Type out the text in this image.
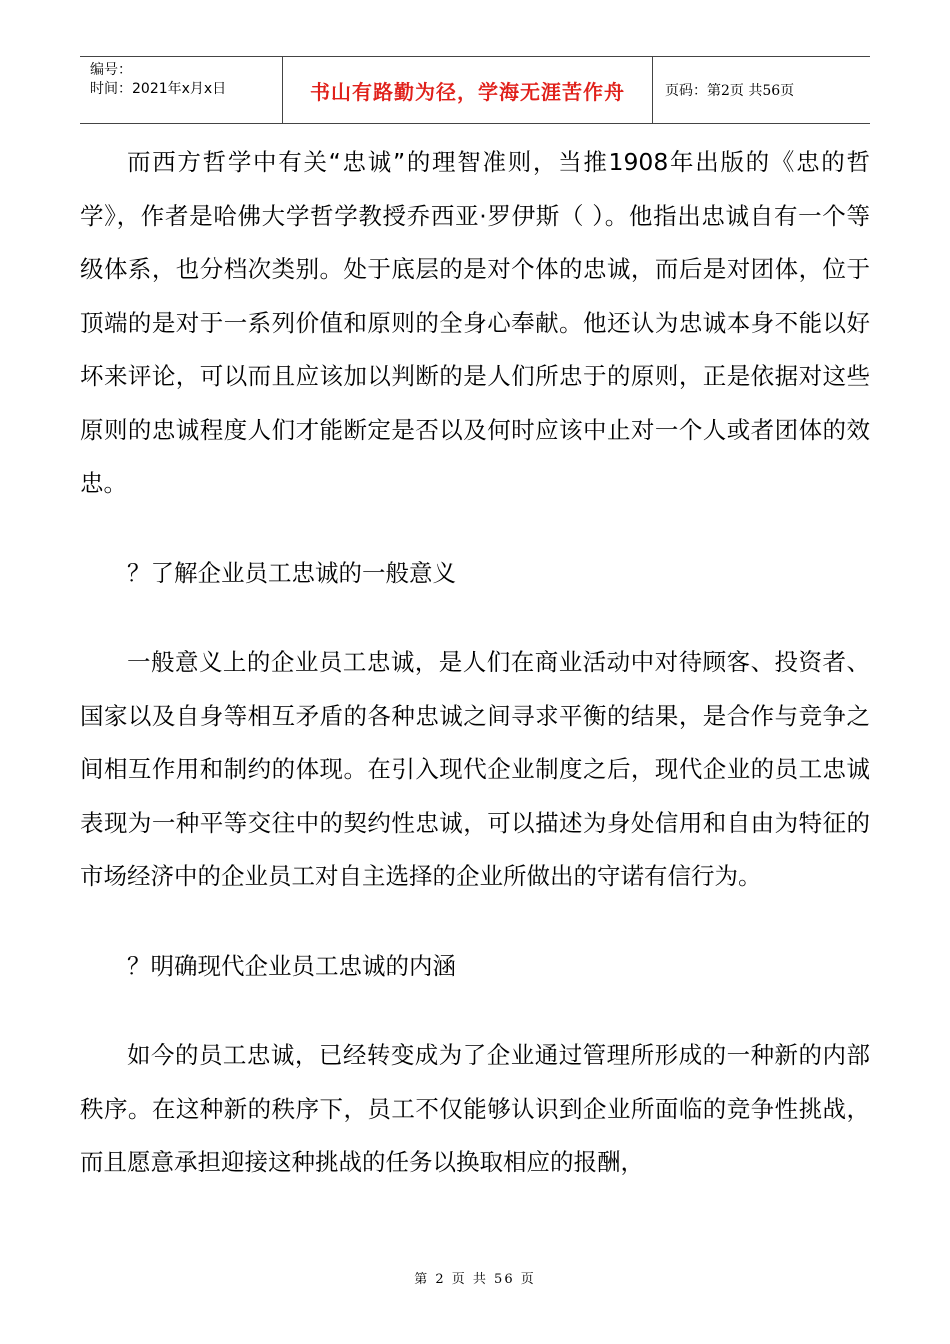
编号：
时间：2021年x月x日	书山有路勤为径，学海无涯苦作舟	页码：第2页 共56页

而西方哲学中有关“忠诚”的理智准则，当推1908年出版的《忠的哲学》，作者是哈佛大学哲学教授乔西亚·罗伊斯（ ）。他指出忠诚自有一个等级体系，也分档次类别。处于底层的是对个体的忠诚，而后是对团体，位于顶端的是对于一系列价值和原则的全身心奉献。他还认为忠诚本身不能以好坏来评论，可以而且应该加以判断的是人们所忠于的原则，正是依据对这些原则的忠诚程度人们才能断定是否以及何时应该中止对一个人或者团体的效忠。

？了解企业员工忠诚的一般意义

一般意义上的企业员工忠诚，是人们在商业活动中对待顾客、投资者、国家以及自身等相互矛盾的各种忠诚之间寻求平衡的结果，是合作与竞争之间相互作用和制约的体现。在引入现代企业制度之后，现代企业的员工忠诚表现为一种平等交往中的契约性忠诚，可以描述为身处信用和自由为特征的市场经济中的企业员工对自主选择的企业所做出的守诺有信行为。

？明确现代企业员工忠诚的内涵

如今的员工忠诚，已经转变成为了企业通过管理所形成的一种新的内部秩序。在这种新的秩序下，员工不仅能够认识到企业所面临的竞争性挑战，而且愿意承担迎接这种挑战的任务以换取相应的报酬，

第 2 页 共 56 页
